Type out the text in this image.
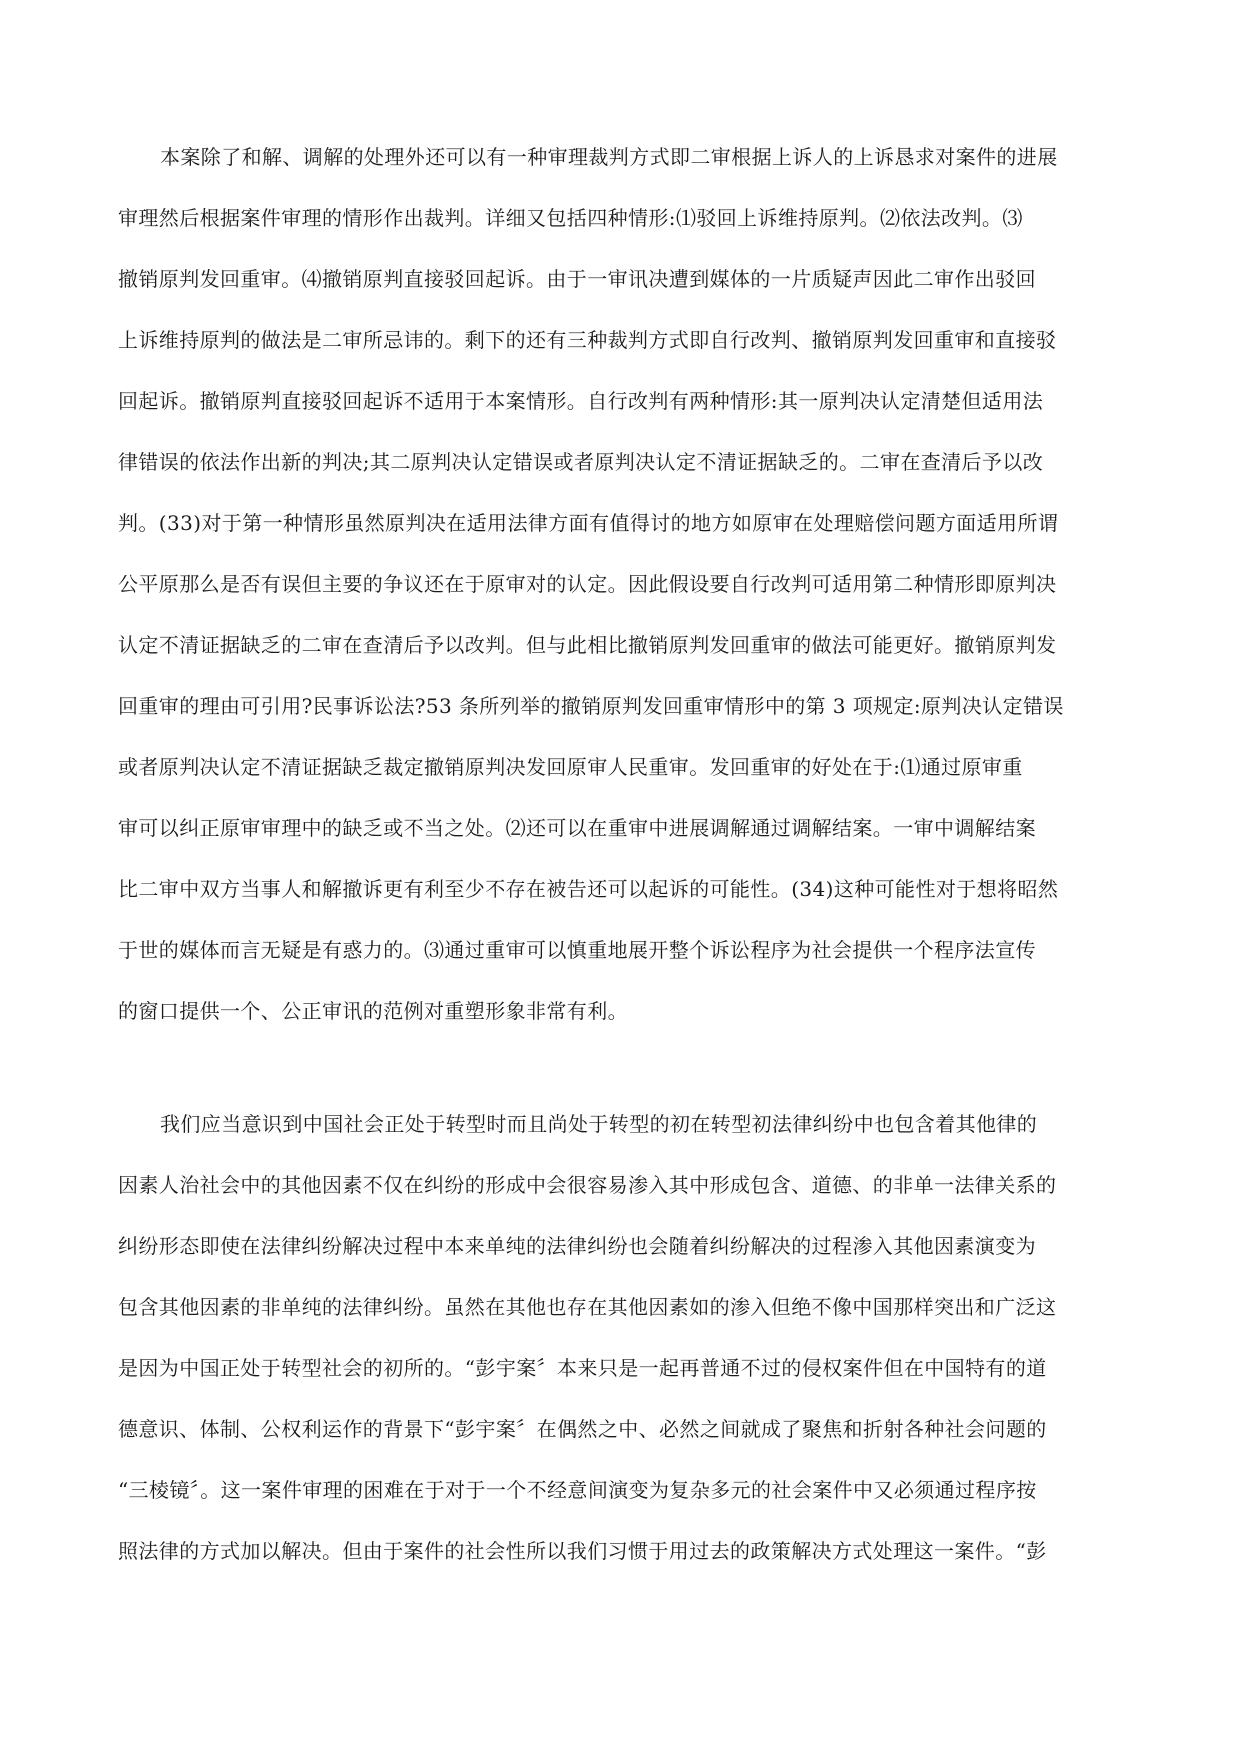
本案除了和解、调解的处理外还可以有一种审理裁判方式即二审根据上诉人的上诉恳求对案件的进展
审理然后根据案件审理的情形作出裁判。详细又包括四种情形:⑴驳回上诉维持原判。⑵依法改判。⑶
撤销原判发回重审。⑷撤销原判直接驳回起诉。由于一审讯决遭到媒体的一片质疑声因此二审作出驳回
上诉维持原判的做法是二审所忌讳的。剩下的还有三种裁判方式即自行改判、撤销原判发回重审和直接驳
回起诉。撤销原判直接驳回起诉不适用于本案情形。自行改判有两种情形:其一原判决认定清楚但适用法
律错误的依法作出新的判决;其二原判决认定错误或者原判决认定不清证据缺乏的。二审在查清后予以改
判。(33)对于第一种情形虽然原判决在适用法律方面有值得讨的地方如原审在处理赔偿问题方面适用所谓
公平原那么是否有误但主要的争议还在于原审对的认定。因此假设要自行改判可适用第二种情形即原判决
认定不清证据缺乏的二审在查清后予以改判。但与此相比撤销原判发回重审的做法可能更好。撤销原判发
回重审的理由可引用?民事诉讼法?53 条所列举的撤销原判发回重审情形中的第 3 项规定:原判决认定错误
或者原判决认定不清证据缺乏裁定撤销原判决发回原审人民重审。发回重审的好处在于:⑴通过原审重
审可以纠正原审审理中的缺乏或不当之处。⑵还可以在重审中进展调解通过调解结案。一审中调解结案
比二审中双方当事人和解撤诉更有利至少不存在被告还可以起诉的可能性。(34)这种可能性对于想将昭然
于世的媒体而言无疑是有惑力的。⑶通过重审可以慎重地展开整个诉讼程序为社会提供一个程序法宣传
的窗口提供一个、公正审讯的范例对重塑形象非常有利。
我们应当意识到中国社会正处于转型时而且尚处于转型的初在转型初法律纠纷中也包含着其他律的
因素人治社会中的其他因素不仅在纠纷的形成中会很容易渗入其中形成包含、道德、的非单一法律关系的
纠纷形态即使在法律纠纷解决过程中本来单纯的法律纠纷也会随着纠纷解决的过程渗入其他因素演变为
包含其他因素的非单纯的法律纠纷。虽然在其他也存在其他因素如的渗入但绝不像中国那样突出和广泛这
是因为中国正处于转型社会的初所的。“彭宇案〞本来只是一起再普通不过的侵权案件但在中国特有的道
德意识、体制、公权利运作的背景下“彭宇案〞在偶然之中、必然之间就成了聚焦和折射各种社会问题的
“三棱镜〞。这一案件审理的困难在于对于一个不经意间演变为复杂多元的社会案件中又必须通过程序按
照法律的方式加以解决。但由于案件的社会性所以我们习惯于用过去的政策解决方式处理这一案件。“彭
